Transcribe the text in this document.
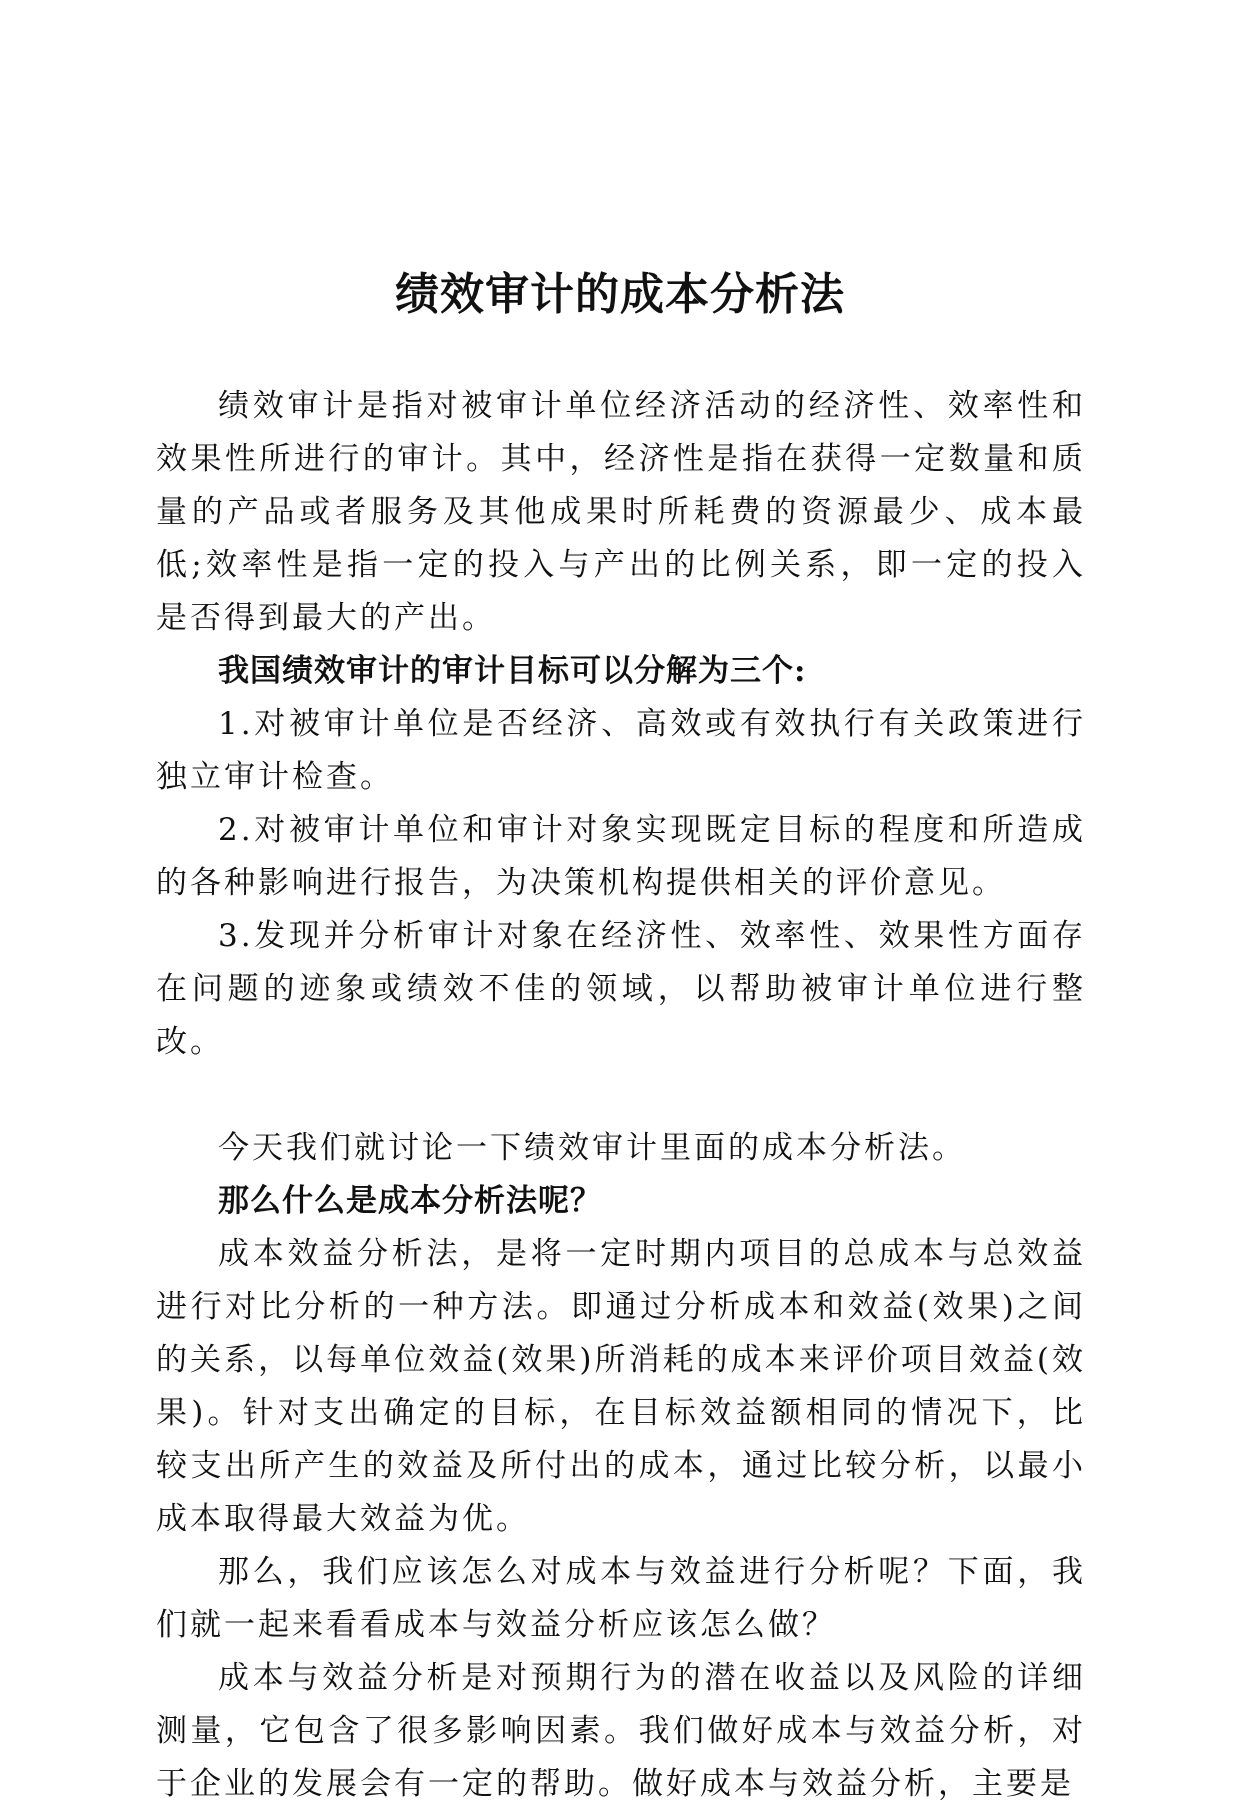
绩效审计的成本分析法

绩效审计是指对被审计单位经济活动的经济性、效率性和效果性所进行的审计。其中，经济性是指在获得一定数量和质量的产品或者服务及其他成果时所耗费的资源最少、成本最低;效率性是指一定的投入与产出的比例关系，即一定的投入是否得到最大的产出。

我国绩效审计的审计目标可以分解为三个:

1.对被审计单位是否经济、高效或有效执行有关政策进行独立审计检查。

2.对被审计单位和审计对象实现既定目标的程度和所造成的各种影响进行报告，为决策机构提供相关的评价意见。

3.发现并分析审计对象在经济性、效率性、效果性方面存在问题的迹象或绩效不佳的领域，以帮助被审计单位进行整改。

今天我们就讨论一下绩效审计里面的成本分析法。

那么什么是成本分析法呢？

成本效益分析法，是将一定时期内项目的总成本与总效益进行对比分析的一种方法。即通过分析成本和效益(效果)之间的关系，以每单位效益(效果)所消耗的成本来评价项目效益(效果)。针对支出确定的目标，在目标效益额相同的情况下，比较支出所产生的效益及所付出的成本，通过比较分析，以最小成本取得最大效益为优。

那么，我们应该怎么对成本与效益进行分析呢？下面，我们就一起来看看成本与效益分析应该怎么做？

成本与效益分析是对预期行为的潜在收益以及风险的详细测量，它包含了很多影响因素。我们做好成本与效益分析，对于企业的发展会有一定的帮助。做好成本与效益分析，主要是
